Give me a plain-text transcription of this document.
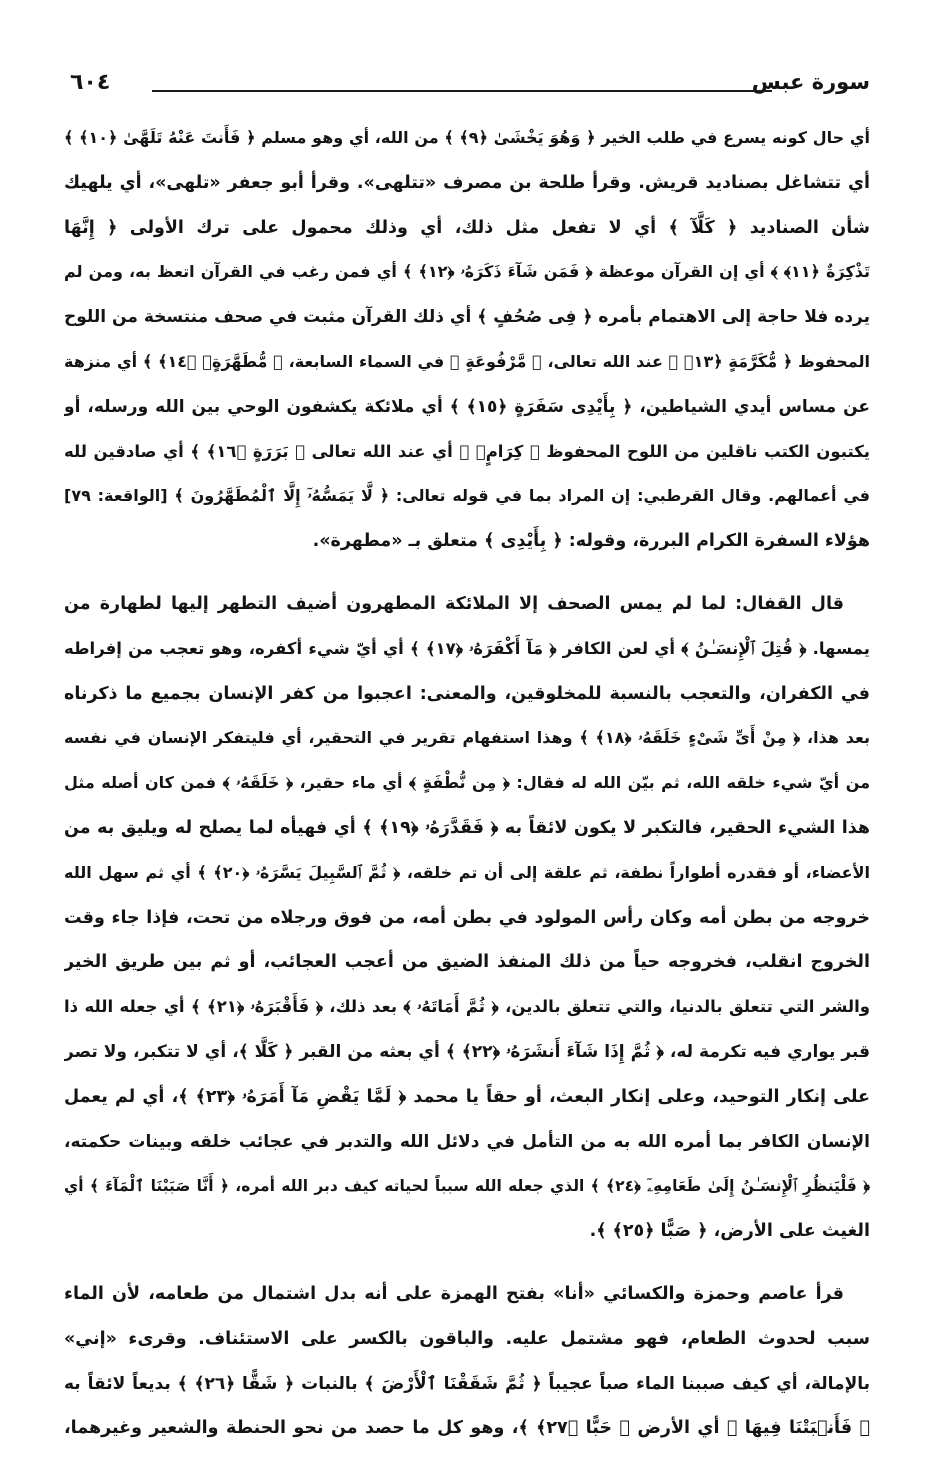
سورة عبس
٦٠٤
أي حال كونه يسرع في طلب الخير ﴿ وَهُوَ يَخْشَىٰ ﴿٩﴾ ﴾ من الله، أي وهو مسلم ﴿ فَأَنتَ عَنْهُ تَلَهَّىٰ ﴿١٠﴾ ﴾
أي تتشاغل بصناديد قريش. وقرأ طلحة بن مصرف «تتلهى». وقرأ أبو جعفر «تلهى»، أي يلهيك
شأن الصناديد ﴿ كَلَّآ ﴾ أي لا تفعل مثل ذلك، أي وذلك محمول على ترك الأولى ﴿ إِنَّهَا
تَذْكِرَةٌ ﴿١١﴾ ﴾ أي إن القرآن موعظة ﴿ فَمَن شَآءَ ذَكَرَهُۥ ﴿١٢﴾ ﴾ أي فمن رغب في القرآن اتعظ به، ومن لم
يرده فلا حاجة إلى الاهتمام بأمره ﴿ فِى صُحُفٍ ﴾ أي ذلك القرآن مثبت في صحف منتسخة من اللوح
المحفوظ ﴿ مُّكَرَّمَةٍ ﴿١٣﴾ ﴾ عند الله تعالى، ﴿ مَّرْفُوعَةٍ ﴾ في السماء السابعة، ﴿ مُّطَهَّرَةٍۭ ﴿١٤﴾ ﴾ أي منزهة
عن مساس أيدي الشياطين، ﴿ بِأَيْدِى سَفَرَةٍ ﴿١٥﴾ ﴾ أي ملائكة يكشفون الوحي بين الله ورسله، أو
يكتبون الكتب ناقلين من اللوح المحفوظ ﴿ كِرَامٍۭ ﴾ أي عند الله تعالى ﴿ بَرَرَةٍ ﴿١٦﴾ ﴾ أي صادقين لله
في أعمالهم. وقال القرطبي: إن المراد بما في قوله تعالى: ﴿ لَّا يَمَسُّهُۥٓ إِلَّا ٱلْمُطَهَّرُونَ ﴾ [الواقعة: ٧٩]
هؤلاء السفرة الكرام البررة، وقوله: ﴿ بِأَيْدِى ﴾ متعلق بـ «مطهرة».
قال القفال: لما لم يمس الصحف إلا الملائكة المطهرون أضيف التطهر إليها لطهارة من
يمسها. ﴿ قُتِلَ ٱلْإِنسَـٰنُ ﴾ أي لعن الكافر ﴿ مَآ أَكْفَرَهُۥ ﴿١٧﴾ ﴾ أي أيّ شيء أكفره، وهو تعجب من إفراطه
في الكفران، والتعجب بالنسبة للمخلوقين، والمعنى: اعجبوا من كفر الإنسان بجميع ما ذكرناه
بعد هذا، ﴿ مِنْ أَىِّ شَىْءٍ خَلَقَهُۥ ﴿١٨﴾ ﴾ وهذا استفهام تقرير في التحقير، أي فليتفكر الإنسان في نفسه
من أيّ شيء خلقه الله، ثم بيّن الله له فقال: ﴿ مِن نُّطْفَةٍ ﴾ أي ماء حقير، ﴿ خَلَقَهُۥ ﴾ فمن كان أصله مثل
هذا الشيء الحقير، فالتكبر لا يكون لائقاً به ﴿ فَقَدَّرَهُۥ ﴿١٩﴾ ﴾ أي فهيأه لما يصلح له ويليق به من
الأعضاء، أو فقدره أطواراً نطفة، ثم علقة إلى أن تم خلقه، ﴿ ثُمَّ ٱلسَّبِيلَ يَسَّرَهُۥ ﴿٢٠﴾ ﴾ أي ثم سهل الله
خروجه من بطن أمه وكان رأس المولود في بطن أمه، من فوق ورجلاه من تحت، فإذا جاء وقت
الخروج انقلب، فخروجه حياً من ذلك المنفذ الضيق من أعجب العجائب، أو ثم بين طريق الخير
والشر التي تتعلق بالدنيا، والتي تتعلق بالدين، ﴿ ثُمَّ أَمَاتَهُۥ ﴾ بعد ذلك، ﴿ فَأَقْبَرَهُۥ ﴿٢١﴾ ﴾ أي جعله الله ذا
قبر يواري فيه تكرمة له، ﴿ ثُمَّ إِذَا شَآءَ أَنشَرَهُۥ ﴿٢٢﴾ ﴾ أي بعثه من القبر ﴿ كَلَّا ﴾، أي لا تتكبر، ولا تصر
على إنكار التوحيد، وعلى إنكار البعث، أو حقاً يا محمد ﴿ لَمَّا يَقْضِ مَآ أَمَرَهُۥ ﴿٢٣﴾ ﴾، أي لم يعمل
الإنسان الكافر بما أمره الله به من التأمل في دلائل الله والتدبر في عجائب خلقه وبينات حكمته،
﴿ فَلْيَنظُرِ ٱلْإِنسَـٰنُ إِلَىٰ طَعَامِهِۦٓ ﴿٢٤﴾ ﴾ الذي جعله الله سبباً لحياته كيف دبر الله أمره، ﴿ أَنَّا صَبَبْنَا ٱلْمَآءَ ﴾ أي
الغيث على الأرض، ﴿ صَبًّا ﴿٢٥﴾ ﴾.
قرأ عاصم وحمزة والكسائي «أنا» بفتح الهمزة على أنه بدل اشتمال من طعامه، لأن الماء
سبب لحدوث الطعام، فهو مشتمل عليه. والباقون بالكسر على الاستئناف. وقرىء «إني»
بالإمالة، أي كيف صببنا الماء صباً عجيباً ﴿ ثُمَّ شَقَقْنَا ٱلْأَرْضَ ﴾ بالنبات ﴿ شَقًّا ﴿٢٦﴾ ﴾ بديعاً لائقاً به
﴿ فَأَنۢبَتْنَا فِيهَا ﴾ أي الأرض ﴿ حَبًّا ﴿٢٧﴾ ﴾، وهو كل ما حصد من نحو الحنطة والشعير وغيرهما،
